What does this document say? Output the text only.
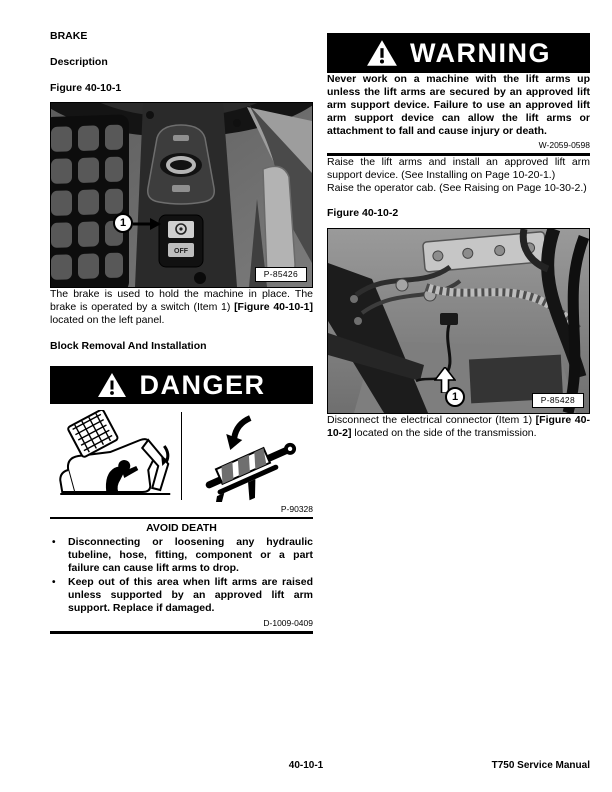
BRAKE

Description

Figure 40-10-1

OFF
1
P-85426

The brake is used to hold the machine in place. The brake is operated by a switch (Item 1) [Figure 40-10-1] located on the left panel.

Block Removal And Installation

DANGER

P-90328

AVOID DEATH

•	Disconnecting or loosening any hydraulic tubeline, hose, fitting, component or a part failure can cause lift arms to drop.
•	Keep out of this area when lift arms are raised unless supported by an approved lift arm support. Replace if damaged.

D-1009-0409

WARNING

Never work on a machine with the lift arms up unless the lift arms are secured by an approved lift arm support device. Failure to use an approved lift arm support device can allow the lift arms or attachment to fall and cause injury or death.

W-2059-0598

Raise the lift arms and install an approved lift arm support device. (See Installing on Page 10-20-1.)

Raise the operator cab. (See Raising on Page 10-30-2.)

Figure 40-10-2

1	P-85428

Disconnect the electrical connector (Item 1) [Figure 40-10-2] located on the side of the transmission.

40-10-1	T750 Service Manual
